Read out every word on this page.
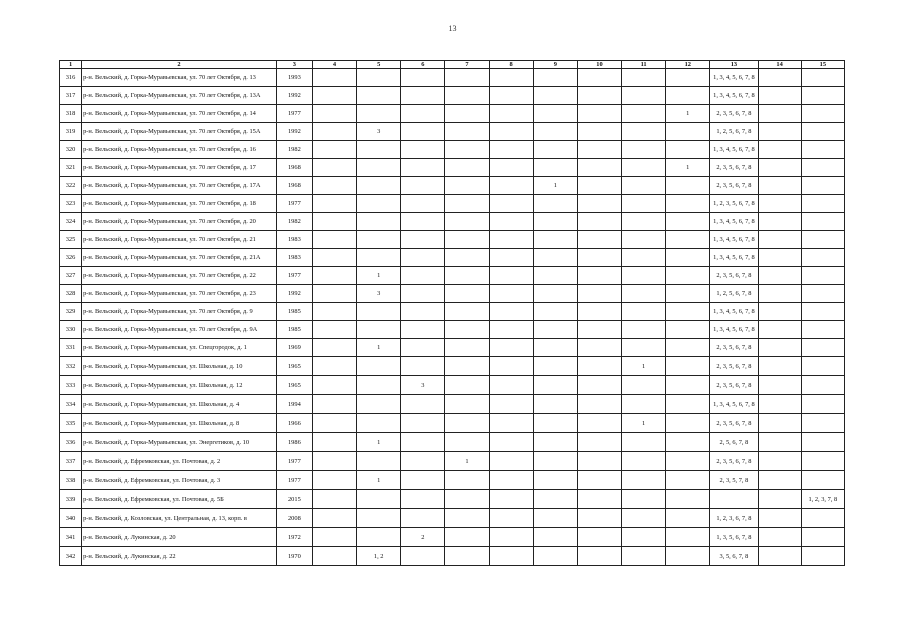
13
1	2	3	4	5	6	7	8	9	10	11	12	13	14	15
316	р-н. Вельский, д. Горка-Муравьевская, ул. 70 лет Октября, д. 13	1993										1, 3, 4, 5, 6, 7, 8		
317	р-н. Вельский, д. Горка-Муравьевская, ул. 70 лет Октября, д. 13А	1992										1, 3, 4, 5, 6, 7, 8		
318	р-н. Вельский, д. Горка-Муравьевская, ул. 70 лет Октября, д. 14	1977									1	2, 3, 5, 6, 7, 8		
319	р-н. Вельский, д. Горка-Муравьевская, ул. 70 лет Октября, д. 15А	1992		3								1, 2, 5, 6, 7, 8		
320	р-н. Вельский, д. Горка-Муравьевская, ул. 70 лет Октября, д. 16	1982										1, 3, 4, 5, 6, 7, 8		
321	р-н. Вельский, д. Горка-Муравьевская, ул. 70 лет Октября, д. 17	1968									1	2, 3, 5, 6, 7, 8		
322	р-н. Вельский, д. Горка-Муравьевская, ул. 70 лет Октября, д. 17А	1968						1				2, 3, 5, 6, 7, 8		
323	р-н. Вельский, д. Горка-Муравьевская, ул. 70 лет Октября, д. 18	1977										1, 2, 3, 5, 6, 7, 8		
324	р-н. Вельский, д. Горка-Муравьевская, ул. 70 лет Октября, д. 20	1982										1, 3, 4, 5, 6, 7, 8		
325	р-н. Вельский, д. Горка-Муравьевская, ул. 70 лет Октября, д. 21	1983										1, 3, 4, 5, 6, 7, 8		
326	р-н. Вельский, д. Горка-Муравьевская, ул. 70 лет Октября, д. 21А	1983										1, 3, 4, 5, 6, 7, 8		
327	р-н. Вельский, д. Горка-Муравьевская, ул. 70 лет Октября, д. 22	1977		1								2, 3, 5, 6, 7, 8		
328	р-н. Вельский, д. Горка-Муравьевская, ул. 70 лет Октября, д. 23	1992		3								1, 2, 5, 6, 7, 8		
329	р-н. Вельский, д. Горка-Муравьевская, ул. 70 лет Октября, д. 9	1985										1, 3, 4, 5, 6, 7, 8		
330	р-н. Вельский, д. Горка-Муравьевская, ул. 70 лет Октября, д. 9А	1985										1, 3, 4, 5, 6, 7, 8		
331	р-н. Вельский, д. Горка-Муравьевская, ул. Спецгородок, д. 1	1969		1								2, 3, 5, 6, 7, 8		
332	р-н. Вельский, д. Горка-Муравьевская, ул. Школьная, д. 10	1965								1		2, 3, 5, 6, 7, 8		
333	р-н. Вельский, д. Горка-Муравьевская, ул. Школьная, д. 12	1965			3							2, 3, 5, 6, 7, 8		
334	р-н. Вельский, д. Горка-Муравьевская, ул. Школьная, д. 4	1994										1, 3, 4, 5, 6, 7, 8		
335	р-н. Вельский, д. Горка-Муравьевская, ул. Школьная, д. 8	1966								1		2, 3, 5, 6, 7, 8		
336	р-н. Вельский, д. Горка-Муравьевская, ул. Энергетиков, д. 10	1986		1								2, 5, 6, 7, 8		
337	р-н. Вельский, д. Ефремковская, ул. Почтовая, д. 2	1977				1						2, 3, 5, 6, 7, 8		
338	р-н. Вельский, д. Ефремковская, ул. Почтовая, д. 3	1977		1								2, 3, 5, 7, 8		
339	р-н. Вельский, д. Ефремковская, ул. Почтовая, д. 5Б	2015												1, 2, 3, 7, 8
340	р-н. Вельский, д. Козловская, ул. Центральная, д. 13, корп. в	2008										1, 2, 3, 6, 7, 8		
341	р-н. Вельский, д. Лукинская, д. 20	1972			2							1, 3, 5, 6, 7, 8		
342	р-н. Вельский, д. Лукинская, д. 22	1970		1, 2								3, 5, 6, 7, 8		
